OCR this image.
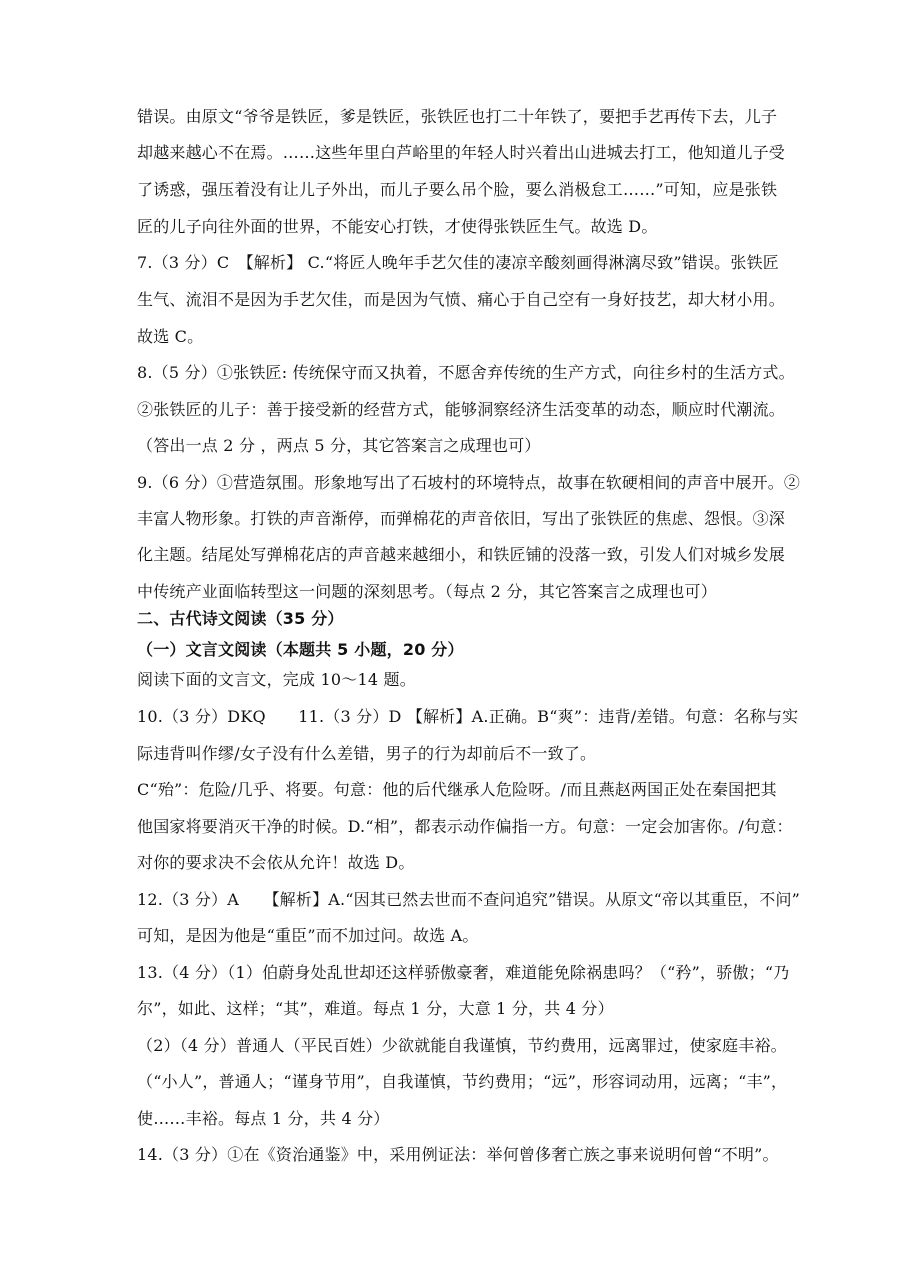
错误。由原文“爷爷是铁匠，爹是铁匠，张铁匠也打二十年铁了，要把手艺再传下去，儿子
却越来越心不在焉。……这些年里白芦峪里的年轻人时兴着出山进城去打工，他知道儿子受
了诱惑，强压着没有让儿子外出，而儿子要么吊个脸，要么消极怠工……”可知，应是张铁
匠的儿子向往外面的世界，不能安心打铁，才使得张铁匠生气。故选 D。
7.（3 分）C　【解析】 C.“将匠人晚年手艺欠佳的凄凉辛酸刻画得淋漓尽致”错误。张铁匠
生气、流泪不是因为手艺欠佳，而是因为气愤、痛心于自己空有一身好技艺，却大材小用。
故选 C。
8.（5 分）①张铁匠: 传统保守而又执着，不愿舍弃传统的生产方式，向往乡村的生活方式。
②张铁匠的儿子：善于接受新的经营方式，能够洞察经济生活变革的动态，顺应时代潮流。
（答出一点 2 分 ，两点 5 分，其它答案言之成理也可）
9.（6 分）①营造氛围。形象地写出了石坡村的环境特点，故事在软硬相间的声音中展开。②
丰富人物形象。打铁的声音渐停，而弹棉花的声音依旧，写出了张铁匠的焦虑、怨恨。③深
化主题。结尾处写弹棉花店的声音越来越细小，和铁匠铺的没落一致，引发人们对城乡发展
中传统产业面临转型这一问题的深刻思考。（每点 2 分，其它答案言之成理也可）
二、古代诗文阅读（35 分）
（一）文言文阅读（本题共 5 小题，20 分）
阅读下面的文言文，完成 10～14 题。
10.（3 分）DKQ　　11.（3 分）D 【解析】A.正确。B“爽”：违背/差错。句意：名称与实
际违背叫作缪/女子没有什么差错，男子的行为却前后不一致了。
C“殆”：危险/几乎、将要。句意：他的后代继承人危险呀。/而且燕赵两国正处在秦国把其
他国家将要消灭干净的时候。D.“相”，都表示动作偏指一方。句意：一定会加害你。/句意：
对你的要求决不会依从允许！故选 D。
12.（3 分）A　　【解析】A.“因其已然去世而不查问追究”错误。从原文“帝以其重臣，不问”
可知，是因为他是“重臣”而不加过问。故选 A。
13.（4 分）（1）伯蔚身处乱世却还这样骄傲豪奢，难道能免除祸患吗？（“矜”，骄傲；“乃
尔”，如此、这样；“其”，难道。每点 1 分，大意 1 分，共 4 分）
（2）（4 分）普通人（平民百姓）少欲就能自我谨慎，节约费用，远离罪过，使家庭丰裕。
（“小人”，普通人；“谨身节用”，自我谨慎，节约费用；“远”，形容词动用，远离；“丰”，
使……丰裕。每点 1 分，共 4 分）
14.（3 分）①在《资治通鉴》中，采用例证法：举何曾侈奢亡族之事来说明何曾“不明”。
